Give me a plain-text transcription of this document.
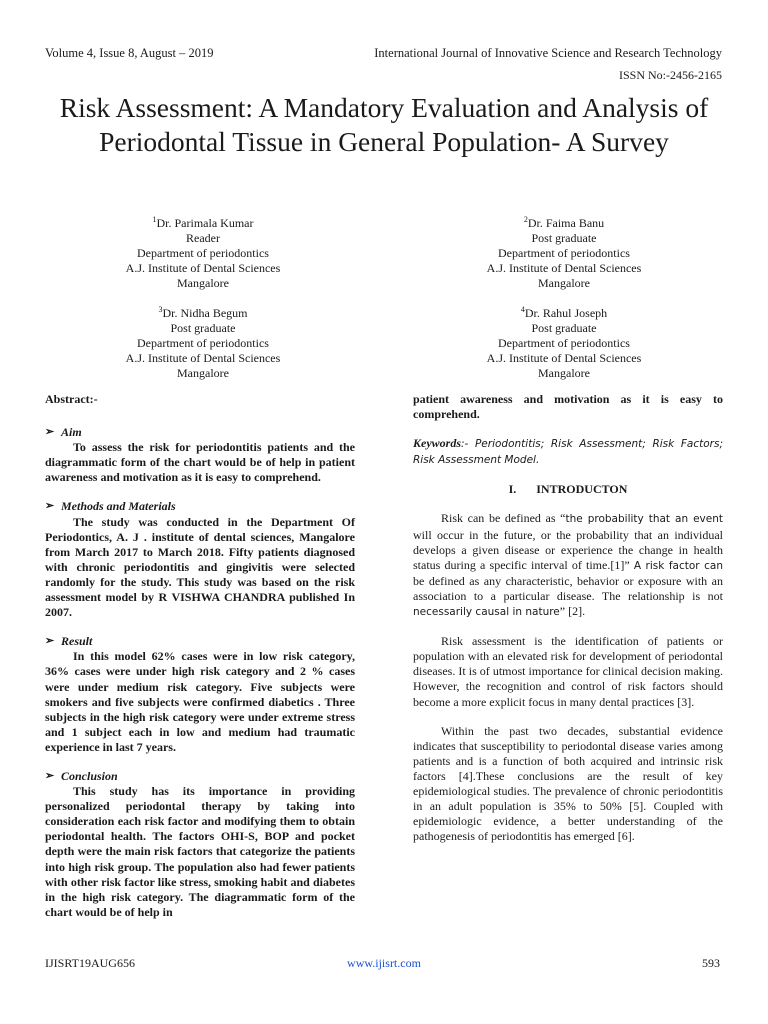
Volume 4, Issue 8, August – 2019	International Journal of Innovative Science and Research Technology
ISSN No:-2456-2165
Risk Assessment: A Mandatory Evaluation and Analysis of Periodontal Tissue in General Population- A Survey
$^1$Dr. Parimala Kumar
Reader
Department of periodontics
A.J. Institute of Dental Sciences
Mangalore
$^2$Dr. Faima Banu
Post graduate
Department of periodontics
A.J. Institute of Dental Sciences
Mangalore
$^3$Dr. Nidha Begum
Post graduate
Department of periodontics
A.J. Institute of Dental Sciences
Mangalore
$^4$Dr. Rahul Joseph
Post graduate
Department of periodontics
A.J. Institute of Dental Sciences
Mangalore

Abstract:-

➢ Aim

To assess the risk for periodontitis patients and the diagrammatic form of the chart would be of help in patient awareness and motivation as it is easy to comprehend.

➢ Methods and Materials

The study was conducted in the Department Of Periodontics, A. J . institute of dental sciences, Mangalore from March 2017 to March 2018. Fifty patients diagnosed with chronic periodontitis and gingivitis were selected randomly for the study. This study was based on the risk assessment model by R VISHWA CHANDRA published In 2007.

➢ Result

In this model 62% cases were in low risk category, 36% cases were under high risk category and 2 % cases were under medium risk category. Five subjects were smokers and five subjects were confirmed diabetics . Three subjects in the high risk category were under extreme stress and 1 subject each in low and medium had traumatic experience in last 7 years.

➢ Conclusion

This study has its importance in providing personalized periodontal therapy by taking into consideration each risk factor and modifying them to obtain periodontal health. The factors OHI-S, BOP and pocket depth were the main risk factors that categorize the patients into high risk group. The population also had fewer patients with other risk factor like stress, smoking habit and diabetes in the high risk category. The diagrammatic form of the chart would be of help in

patient awareness and motivation as it is easy to comprehend.

Keywords:- Periodontitis; Risk Assessment; Risk Factors; Risk Assessment Model.

I. INTRODUCTON

Risk can be defined as “the probability that an event will occur in the future, or the probability that an individual develops a given disease or experience the change in health status during a specific interval of time.[1]” A risk factor can be defined as any characteristic, behavior or exposure with an association to a particular disease. The relationship is not necessarily causal in nature” [2].

Risk assessment is the identification of patients or population with an elevated risk for development of periodontal diseases. It is of utmost importance for clinical decision making. However, the recognition and control of risk factors should become a more explicit focus in many dental practices [3].

Within the past two decades, substantial evidence indicates that susceptibility to periodontal disease varies among patients and is a function of both acquired and intrinsic risk factors [4].These conclusions are the result of key epidemiological studies. The prevalence of chronic periodontitis in an adult population is 35% to 50% [5]. Coupled with epidemiologic evidence, a better understanding of the pathogenesis of periodontitis has emerged [6].

IJISRT19AUG656	www.ijisrt.com	593
